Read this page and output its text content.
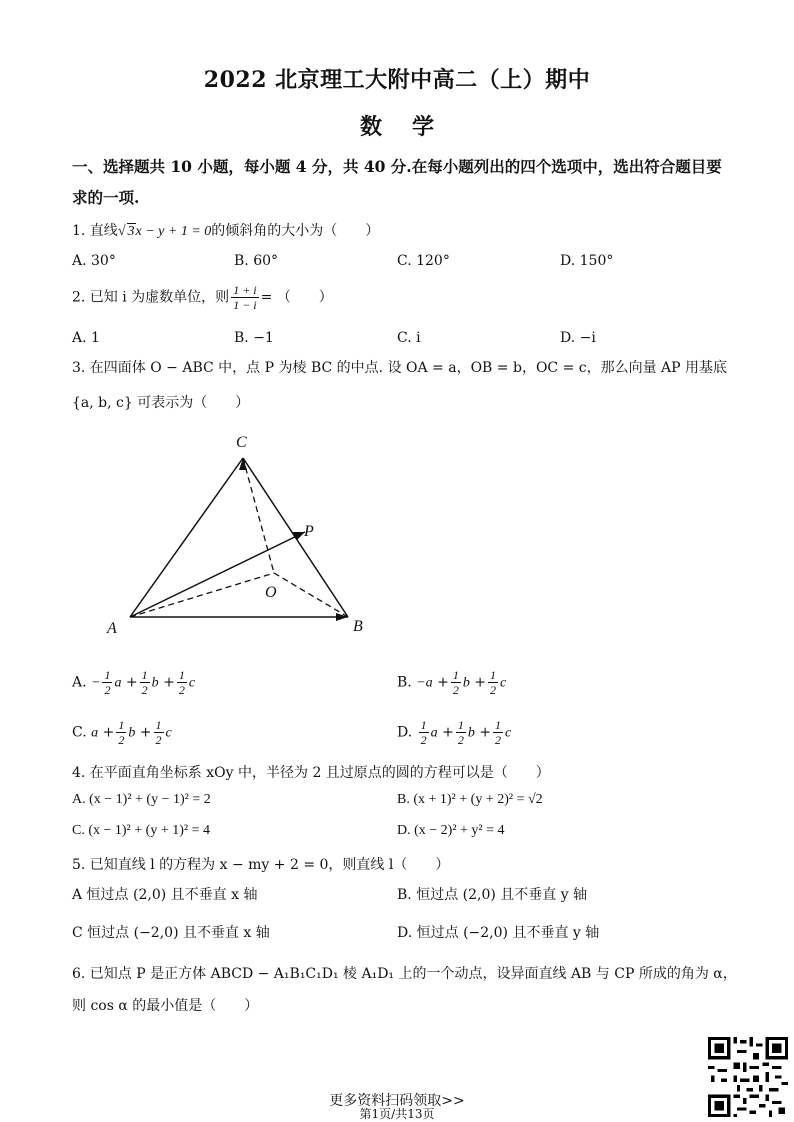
2022 北京理工大附中高二（上）期中
数学
一、选择题共 10 小题，每小题 4 分，共 40 分.在每小题列出的四个选项中，选出符合题目要
求的一项.
1. 直线√ 3x − y + 1 = 0的倾斜角的大小为（　　）
A. 30°	B. 60°	C. 120°	D. 150°
2. 已知 i 为虚数单位，则 $\frac{1 + i}{1 - i}$ = （　　）
A. 1	B. −1	C. i	D. −i
3. 在四面体 O − ABC 中，点 P 为棱 BC 的中点. 设 OA = a，OB = b，OC = c，那么向量 AP 用基底
{a, b, c} 可表示为（　　）
C
P
O
A	B
A. − $\frac{1}{2}$ $a + \frac{1}{2}$ $b + \frac{1}{2}$ c	B. $-a + \frac{1}{2}$ $b + \frac{1}{2}$ c
C. $a + \frac{1}{2}$ $b + \frac{1}{2}$ c	D. $\frac{1}{2}$ $a + \frac{1}{2}$ $b + \frac{1}{2}$ c
4. 在平面直角坐标系 xOy 中，半径为 2 且过原点的圆的方程可以是（　　）
A. (x − 1)² + (y − 1)² = 2	B. (x + 1)² + (y + 2)² = √2
C. (x − 1)² + (y + 1)² = 4	D. (x − 2)² + y² = 4
5. 已知直线 l 的方程为 x − my + 2 = 0，则直线 l（　　）
A 恒过点 (2,0) 且不垂直 x 轴	B. 恒过点 (2,0) 且不垂直 y 轴
C 恒过点 (−2,0) 且不垂直 x 轴	D. 恒过点 (−2,0) 且不垂直 y 轴
6. 已知点 P 是正方体 ABCD − A₁B₁C₁D₁ 棱 A₁D₁ 上的一个动点，设异面直线 AB 与 CP 所成的角为 α，
则 cos α 的最小值是（　　）
更多资料扫码领取>>
第1页/共13页
